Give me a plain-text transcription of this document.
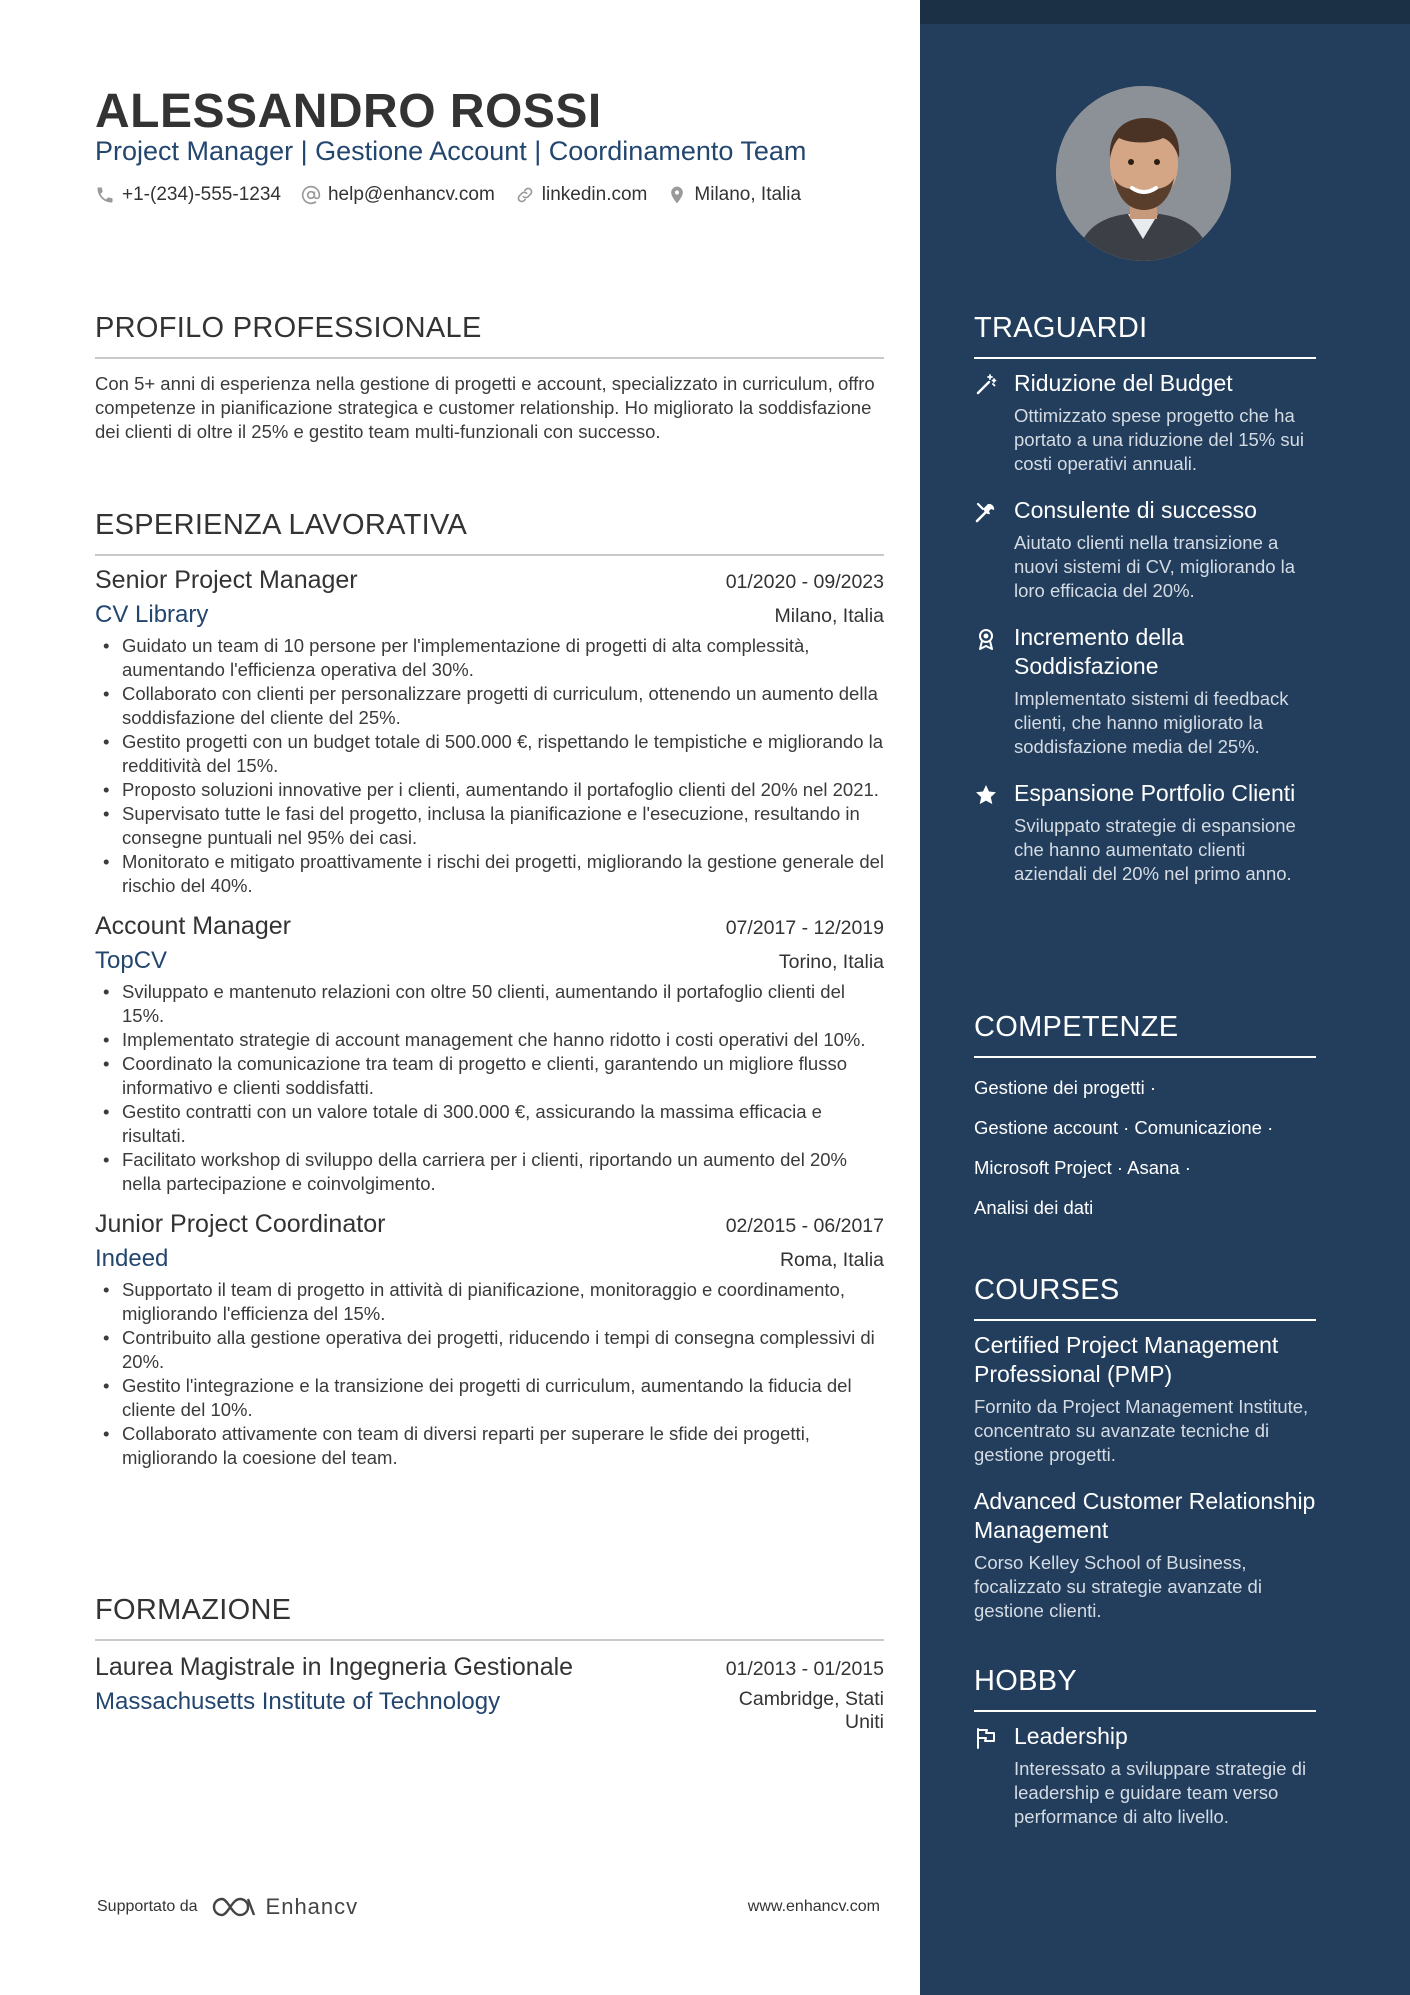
ALESSANDRO ROSSI
Project Manager | Gestione Account | Coordinamento Team
+1-(234)-555-1234 help@enhancv.com linkedin.com Milano, Italia
PROFILO PROFESSIONALE
Con 5+ anni di esperienza nella gestione di progetti e account, specializzato in curriculum, offro competenze in pianificazione strategica e customer relationship. Ho migliorato la soddisfazione dei clienti di oltre il 25% e gestito team multi-funzionali con successo.
ESPERIENZA LAVORATIVA
Senior Project Manager	01/2020 - 09/2023
CV Library	Milano, Italia
• Guidato un team di 10 persone per l'implementazione di progetti di alta complessità, aumentando l'efficienza operativa del 30%.
• Collaborato con clienti per personalizzare progetti di curriculum, ottenendo un aumento della soddisfazione del cliente del 25%.
• Gestito progetti con un budget totale di 500.000 €, rispettando le tempistiche e migliorando la redditività del 15%.
• Proposto soluzioni innovative per i clienti, aumentando il portafoglio clienti del 20% nel 2021.
• Supervisato tutte le fasi del progetto, inclusa la pianificazione e l'esecuzione, resultando in consegne puntuali nel 95% dei casi.
• Monitorato e mitigato proattivamente i rischi dei progetti, migliorando la gestione generale del rischio del 40%.
Account Manager	07/2017 - 12/2019
TopCV	Torino, Italia
• Sviluppato e mantenuto relazioni con oltre 50 clienti, aumentando il portafoglio clienti del 15%.
• Implementato strategie di account management che hanno ridotto i costi operativi del 10%.
• Coordinato la comunicazione tra team di progetto e clienti, garantendo un migliore flusso informativo e clienti soddisfatti.
• Gestito contratti con un valore totale di 300.000 €, assicurando la massima efficacia e risultati.
• Facilitato workshop di sviluppo della carriera per i clienti, riportando un aumento del 20% nella partecipazione e coinvolgimento.
Junior Project Coordinator	02/2015 - 06/2017
Indeed	Roma, Italia
• Supportato il team di progetto in attività di pianificazione, monitoraggio e coordinamento, migliorando l'efficienza del 15%.
• Contribuito alla gestione operativa dei progetti, riducendo i tempi di consegna complessivi di 20%.
• Gestito l'integrazione e la transizione dei progetti di curriculum, aumentando la fiducia del cliente del 10%.
• Collaborato attivamente con team di diversi reparti per superare le sfide dei progetti, migliorando la coesione del team.
FORMAZIONE
Laurea Magistrale in Ingegneria Gestionale	01/2013 - 01/2015
Massachusetts Institute of Technology	Cambridge, Stati Uniti
Supportato da	Enhancv	www.enhancv.com
TRAGUARDI
Riduzione del Budget
Ottimizzato spese progetto che ha portato a una riduzione del 15% sui costi operativi annuali.
Consulente di successo
Aiutato clienti nella transizione a nuovi sistemi di CV, migliorando la loro efficacia del 20%.
Incremento della Soddisfazione
Implementato sistemi di feedback clienti, che hanno migliorato la soddisfazione media del 25%.
Espansione Portfolio Clienti
Sviluppato strategie di espansione che hanno aumentato clienti aziendali del 20% nel primo anno.
COMPETENZE
Gestione dei progetti ·
Gestione account · Comunicazione ·
Microsoft Project · Asana ·
Analisi dei dati
COURSES
Certified Project Management Professional (PMP)
Fornito da Project Management Institute, concentrato su avanzate tecniche di gestione progetti.
Advanced Customer Relationship Management
Corso Kelley School of Business, focalizzato su strategie avanzate di gestione clienti.
HOBBY
Leadership
Interessato a sviluppare strategie di leadership e guidare team verso performance di alto livello.
